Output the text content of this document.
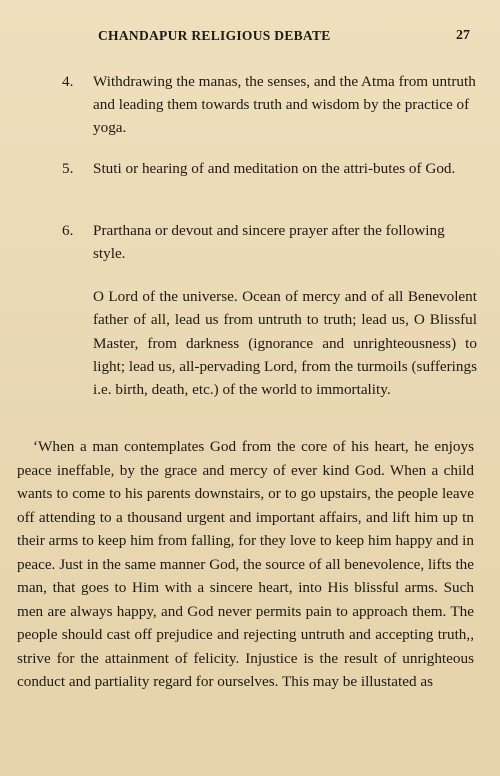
CHANDAPUR RELIGIOUS DEBATE	27
4.	Withdrawing the manas, the senses, and the Atma from untruth and leading them towards truth and wisdom by the practice of yoga.
5.	Stuti or hearing of and meditation on the attri-butes of God.
6.	Prarthana or devout and sincere prayer after the following style.
O Lord of the universe. Ocean of mercy and of all Benevolent father of all, lead us from untruth to truth; lead us, O Blissful Master, from darkness (ignorance and unrighteousness) to light; lead us, all-pervading Lord, from the turmoils (sufferings i.e. birth, death, etc.) of the world to immortality.
‘When a man contemplates God from the core of his heart, he enjoys peace ineffable, by the grace and mercy of ever kind God. When a child wants to come to his parents downstairs, or to go upstairs, the people leave off attending to a thousand urgent and important affairs, and lift him up tn their arms to keep him from falling, for they love to keep him happy and in peace. Just in the same manner God, the source of all benevolence, lifts the man, that goes to Him with a sincere heart, into His blissful arms. Such men are always happy, and God never permits pain to approach them. The people should cast off prejudice and rejecting untruth and accepting truth,, strive for the attainment of felicity. Injustice is the result of unrighteous conduct and partiality regard for ourselves. This may be illustated as
